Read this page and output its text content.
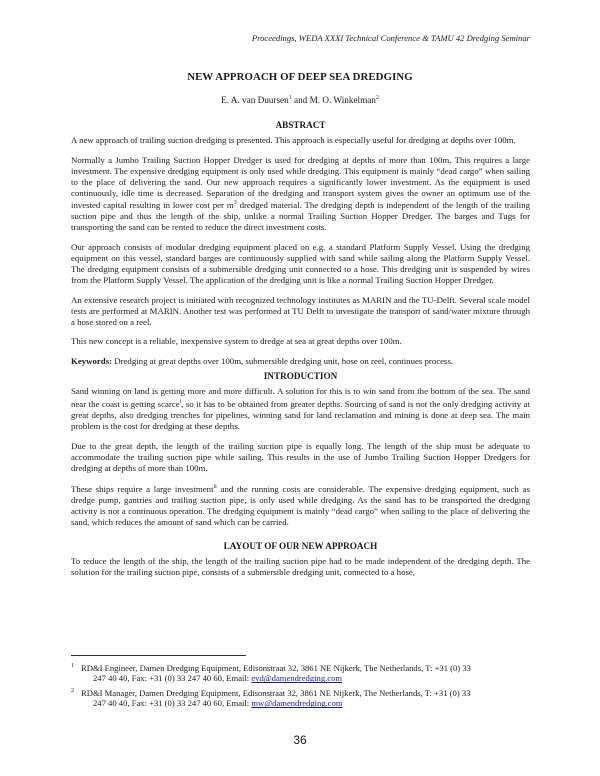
Proceedings, WEDA XXXI Technical Conference & TAMU 42 Dredging Seminar
NEW APPROACH OF DEEP SEA DREDGING
E. A. van Duursen$^1$ and M. O. Winkelman$^2$
ABSTRACT

A new approach of trailing suction dredging is presented. This approach is especially useful for dredging at depths over 100m.

Normally a Jumbo Trailing Suction Hopper Dredger is used for dredging at depths of more than 100m. This requires a large investment. The expensive dredging equipment is only used while dredging. This equipment is mainly “dead cargo” when sailing to the place of delivering the sand. Our new approach requires a significantly lower investment. As the equipment is used continuously, idle time is decreased. Separation of the dredging and transport system gives the owner an optimum use of the invested capital resulting in lower cost per $m^3$ dredged material. The dredging depth is independent of the length of the trailing suction pipe and thus the length of the ship, unlike a normal Trailing Suction Hopper Dredger. The barges and Tugs for transporting the sand can be rented to reduce the direct investment costs.

Our approach consists of modular dredging equipment placed on e.g. a standard Platform Supply Vessel. Using the dredging equipment on this vessel, standard barges are continuously supplied with sand while sailing along the Platform Supply Vessel. The dredging equipment consists of a submersible dredging unit connected to a hose. This dredging unit is suspended by wires from the Platform Supply Vessel. The application of the dredging unit is like a normal Trailing Suction Hopper Dredger.

An extensive research project is initiated with recognized technology institutes as MARIN and the TU-Delft. Several scale model tests are performed at MARIN. Another test was performed at TU Delft to investigate the transport of sand/water mixture through a hose stored on a reel.

This new concept is a reliable, inexpensive system to dredge at sea at great depths over 100m.

Keywords: Dredging at great depths over 100m, submersible dredging unit, hose on reel, continues process.

INTRODUCTION

Sand winning on land is getting more and more difficult. A solution for this is to win sand from the bottom of the sea. The sand near the coast is getting scarce$^i$, so it has to be obtained from greater depths. Sourcing of sand is not the only dredging activity at great depths, also dredging trenches for pipelines, winning sand for land reclamation and mining is done at deep sea. The main problem is the cost for dredging at these depths.

Due to the great depth, the length of the trailing suction pipe is equally long. The length of the ship must be adequate to accommodate the trailing suction pipe while sailing. This results in the use of Jumbo Trailing Suction Hopper Dredgers for dredging at depths of more than 100m.

These ships require a large investment$^{ii}$ and the running costs are considerable. The expensive dredging equipment, such as dredge pump, gantries and trailing suction pipe, is only used while dredging. As the sand has to be transported the dredging activity is not a continuous operation. The dredging equipment is mainly “dead cargo” when sailing to the place of delivering the sand, which reduces the amount of sand which can be carried.

LAYOUT OF OUR NEW APPROACH

To reduce the length of the ship, the length of the trailing suction pipe had to be made independent of the dredging depth. The solution for the trailing suction pipe, consists of a submersible dredging unit, connected to a hose,

$^1$ RD&I Engineer, Damen Dredging Equipment, Edisonstraat 32, 3861 NE Nijkerk, The Netherlands, T: +31 (0) 33
247 40 40, Fax: +31 (0) 33 247 40 60, Email: evd@damendredging.com
$^2$ RD&I Manager, Damen Dredging Equipment, Edisonstraat 32, 3861 NE Nijkerk, The Netherlands, T: +31 (0) 33
247 40 40, Fax: +31 (0) 33 247 40 60, Email: mw@damendredging.com
36
